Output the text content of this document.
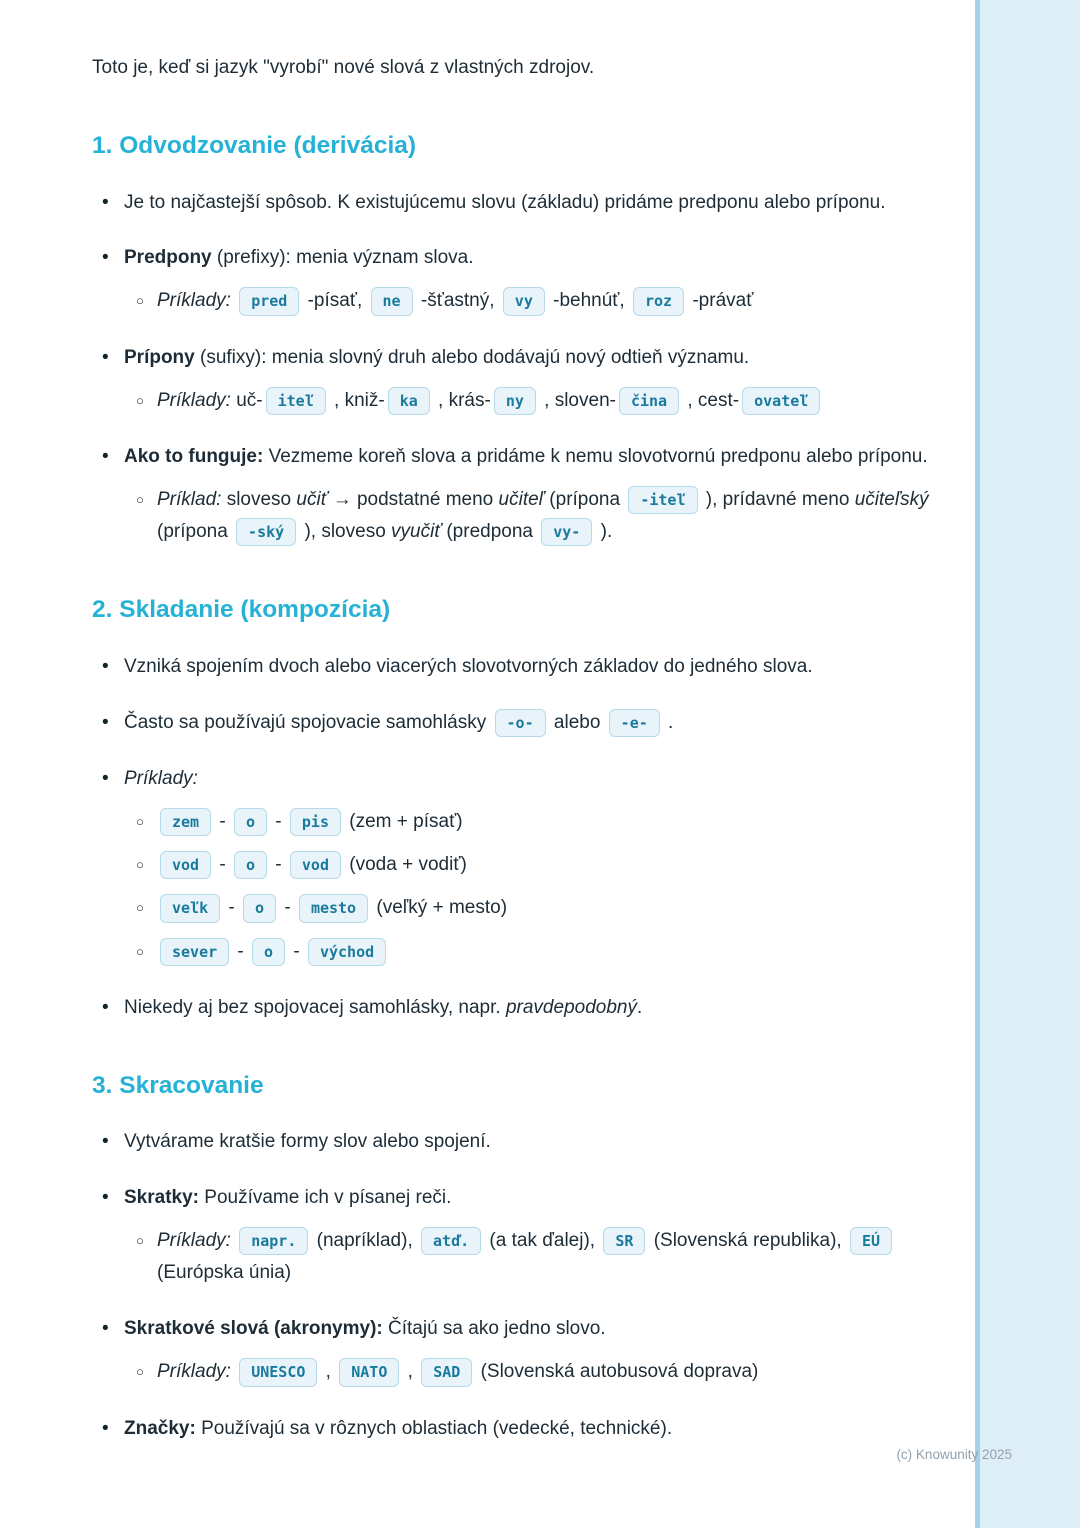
Toto je, keď si jazyk "vyrobí" nové slová z vlastných zdrojov.

1. Odvodzovanie (derivácia)
• Je to najčastejší spôsob. K existujúcemu slovu (základu) pridáme predponu alebo príponu.
• Predpony (prefixy): menia význam slova.
○ Príklady: pred -písať, ne -šťastný, vy -behnúť, roz -právať
• Prípony (sufixy): menia slovný druh alebo dodávajú nový odtieň významu.
○ Príklady: uč- iteľ , kniž- ka , krás- ny , sloven- čina , cest- ovateľ
• Ako to funguje: Vezmeme koreň slova a pridáme k nemu slovotvornú predponu alebo príponu.
○ Príklad: sloveso učiť → podstatné meno učiteľ (prípona -iteľ ), prídavné meno učiteľský (prípona -ský ), sloveso vyučiť (predpona vy- ).
2. Skladanie (kompozícia)
• Vzniká spojením dvoch alebo viacerých slovotvorných základov do jedného slova.
• Často sa používajú spojovacie samohlásky -o- alebo -e- .
• Príklady:
○	zem - o - pis (zem + písať)
○	vod - o - vod (voda + vodiť)
○	veľk - o - mesto (veľký + mesto)
○	sever - o - východ
• Niekedy aj bez spojovacej samohlásky, napr. pravdepodobný.
3. Skracovanie
• Vytvárame kratšie formy slov alebo spojení.
• Skratky: Používame ich v písanej reči.
○ Príklady: napr. (napríklad), atď. (a tak ďalej), SR (Slovenská republika), EÚ (Európska únia)
• Skratkové slová (akronymy): Čítajú sa ako jedno slovo.
○ Príklady: UNESCO , NATO , SAD (Slovenská autobusová doprava)
• Značky: Používajú sa v rôznych oblastiach (vedecké, technické).
(c) Knowunity 2025
